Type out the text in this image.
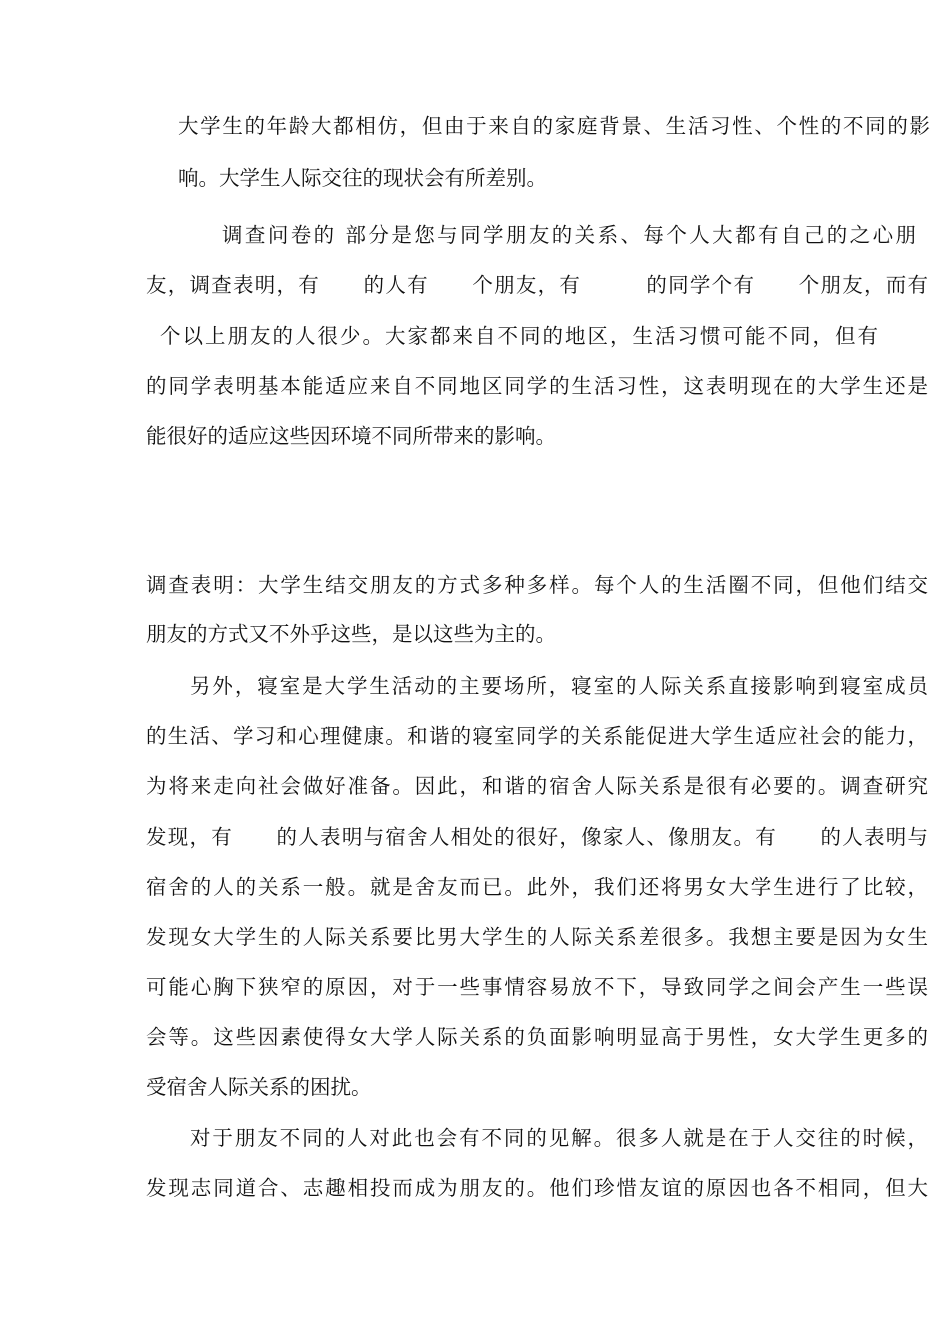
大学生的年龄大都相仿，但由于来自的家庭背景、生活习性、个性的不同的影

响。大学生人际交往的现状会有所差别。

调查问卷的 部分是您与同学朋友的关系、每个人大都有自己的之心朋

友，调查表明，有　　的人有　　个朋友，有　　　的同学个有　　个朋友，而有

个以上朋友的人很少。大家都来自不同的地区，生活习惯可能不同，但有

的同学表明基本能适应来自不同地区同学的生活习性，这表明现在的大学生还是

能很好的适应这些因环境不同所带来的影响。

调查表明：大学生结交朋友的方式多种多样。每个人的生活圈不同，但他们结交

朋友的方式又不外乎这些，是以这些为主的。

另外，寝室是大学生活动的主要场所，寝室的人际关系直接影响到寝室成员

的生活、学习和心理健康。和谐的寝室同学的关系能促进大学生适应社会的能力，

为将来走向社会做好准备。因此，和谐的宿舍人际关系是很有必要的。调查研究

发现，有　　的人表明与宿舍人相处的很好，像家人、像朋友。有　　的人表明与

宿舍的人的关系一般。就是舍友而已。此外，我们还将男女大学生进行了比较，

发现女大学生的人际关系要比男大学生的人际关系差很多。我想主要是因为女生

可能心胸下狭窄的原因，对于一些事情容易放不下，导致同学之间会产生一些误

会等。这些因素使得女大学人际关系的负面影响明显高于男性，女大学生更多的

受宿舍人际关系的困扰。

对于朋友不同的人对此也会有不同的见解。很多人就是在于人交往的时候，

发现志同道合、志趣相投而成为朋友的。他们珍惜友谊的原因也各不相同，但大
